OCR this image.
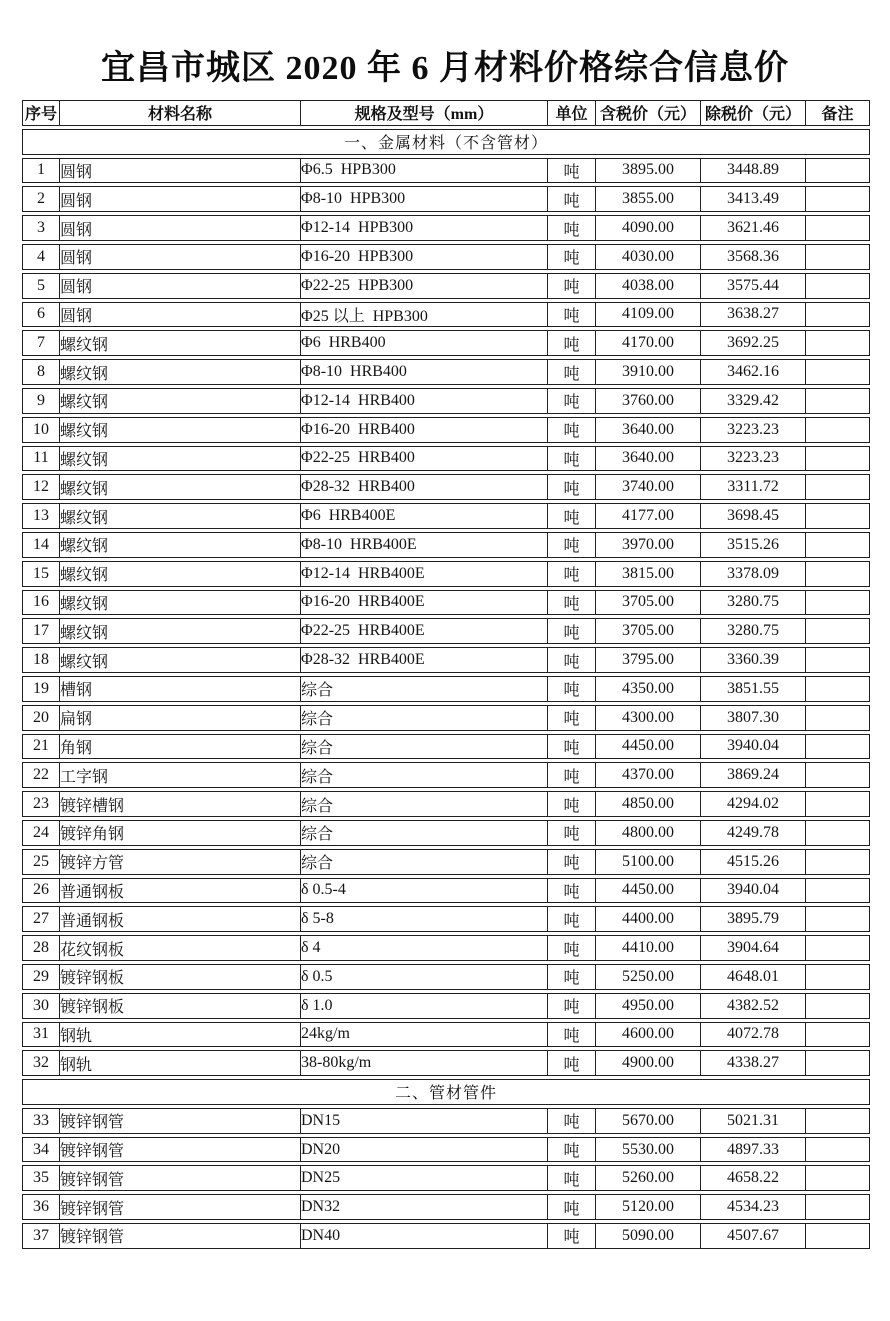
宜昌市城区 2020 年 6 月材料价格综合信息价
序号	材料名称	规格及型号（mm）	单位	含税价（元）	除税价（元）	备注
一、金属材料（不含管材）						
1	圆钢	Φ6.5  HPB300	吨	3895.00	3448.89	
2	圆钢	Φ8-10  HPB300	吨	3855.00	3413.49	
3	圆钢	Φ12-14  HPB300	吨	4090.00	3621.46	
4	圆钢	Φ16-20  HPB300	吨	4030.00	3568.36	
5	圆钢	Φ22-25  HPB300	吨	4038.00	3575.44	
6	圆钢	Φ25 以上  HPB300	吨	4109.00	3638.27	
7	螺纹钢	Φ6  HRB400	吨	4170.00	3692.25	
8	螺纹钢	Φ8-10  HRB400	吨	3910.00	3462.16	
9	螺纹钢	Φ12-14  HRB400	吨	3760.00	3329.42	
10	螺纹钢	Φ16-20  HRB400	吨	3640.00	3223.23	
11	螺纹钢	Φ22-25  HRB400	吨	3640.00	3223.23	
12	螺纹钢	Φ28-32  HRB400	吨	3740.00	3311.72	
13	螺纹钢	Φ6  HRB400E	吨	4177.00	3698.45	
14	螺纹钢	Φ8-10  HRB400E	吨	3970.00	3515.26	
15	螺纹钢	Φ12-14  HRB400E	吨	3815.00	3378.09	
16	螺纹钢	Φ16-20  HRB400E	吨	3705.00	3280.75	
17	螺纹钢	Φ22-25  HRB400E	吨	3705.00	3280.75	
18	螺纹钢	Φ28-32  HRB400E	吨	3795.00	3360.39	
19	槽钢	综合	吨	4350.00	3851.55	
20	扁钢	综合	吨	4300.00	3807.30	
21	角钢	综合	吨	4450.00	3940.04	
22	工字钢	综合	吨	4370.00	3869.24	
23	镀锌槽钢	综合	吨	4850.00	4294.02	
24	镀锌角钢	综合	吨	4800.00	4249.78	
25	镀锌方管	综合	吨	5100.00	4515.26	
26	普通钢板	δ 0.5-4	吨	4450.00	3940.04	
27	普通钢板	δ 5-8	吨	4400.00	3895.79	
28	花纹钢板	δ 4	吨	4410.00	3904.64	
29	镀锌钢板	δ 0.5	吨	5250.00	4648.01	
30	镀锌钢板	δ 1.0	吨	4950.00	4382.52	
31	钢轨	24kg/m	吨	4600.00	4072.78	
32	钢轨	38-80kg/m	吨	4900.00	4338.27	
二、管材管件						
33	镀锌钢管	DN15	吨	5670.00	5021.31	
34	镀锌钢管	DN20	吨	5530.00	4897.33	
35	镀锌钢管	DN25	吨	5260.00	4658.22	
36	镀锌钢管	DN32	吨	5120.00	4534.23	
37	镀锌钢管	DN40	吨	5090.00	4507.67	
